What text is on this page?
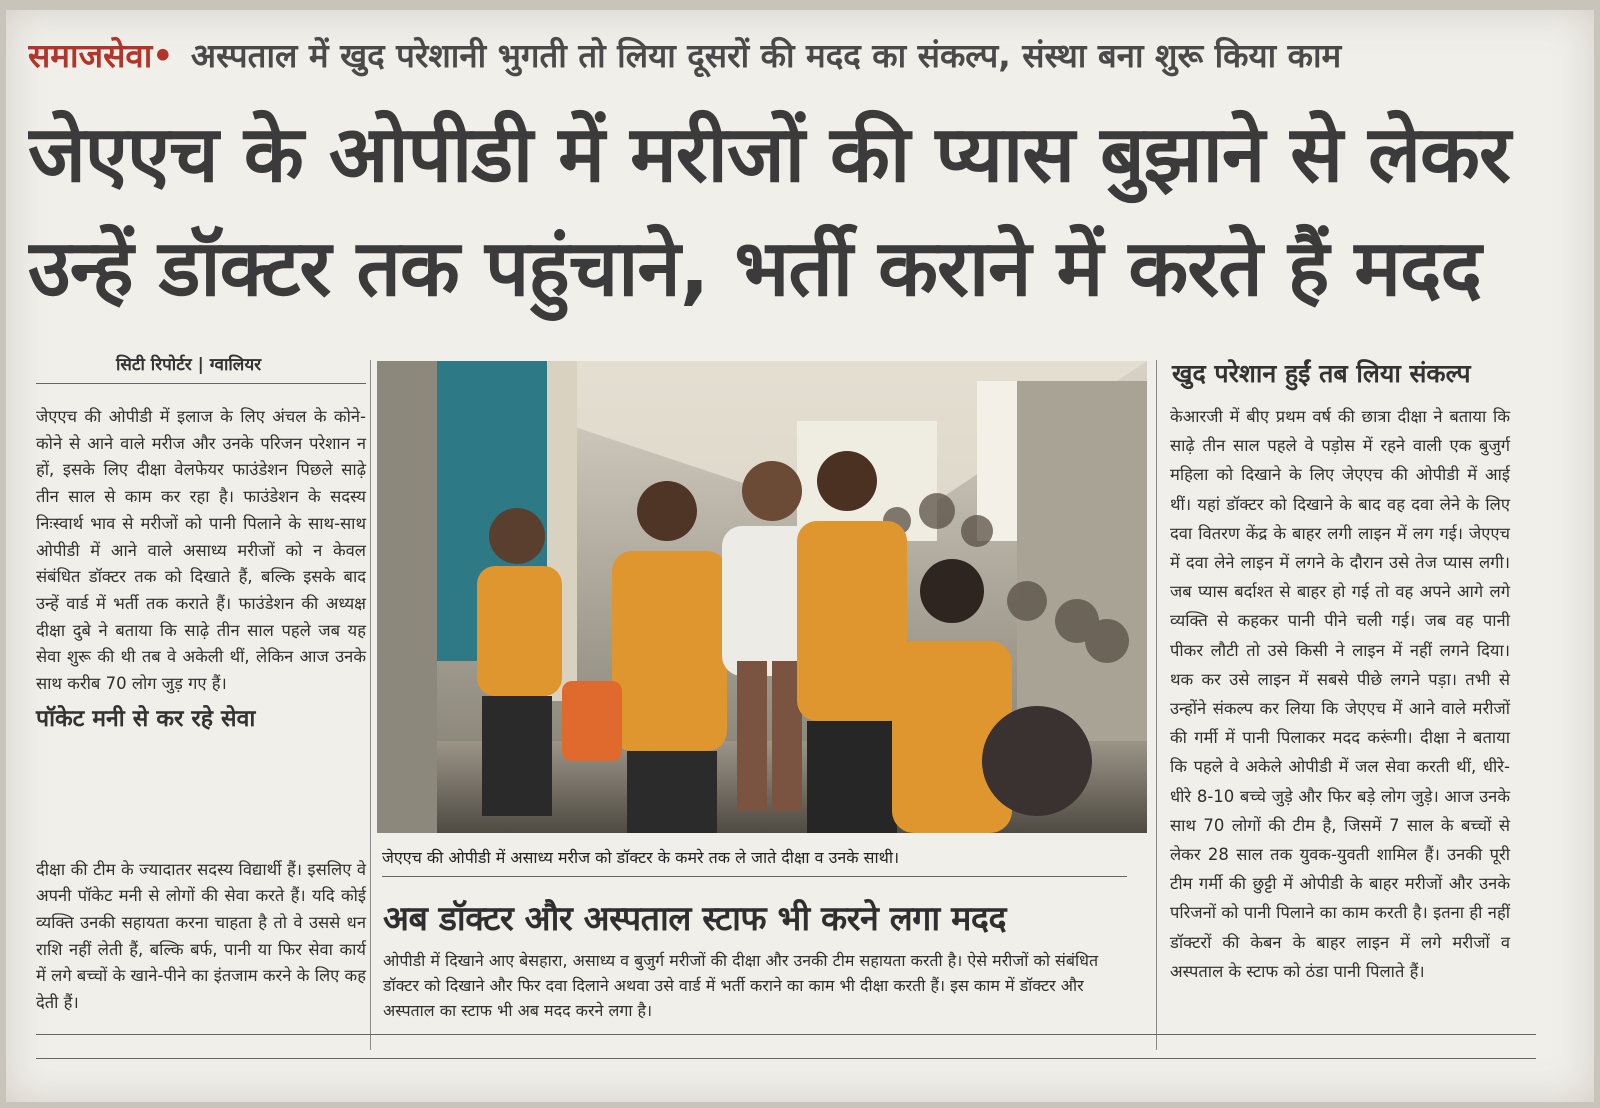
समाजसेवा• अस्पताल में खुद परेशानी भुगती तो लिया दूसरों की मदद का संकल्प, संस्था बना शुरू किया काम
जेएएच के ओपीडी में मरीजों की प्यास बुझाने से लेकर
उन्हें डॉक्टर तक पहुंचाने, भर्ती कराने में करते हैं मदद
सिटी रिपोर्टर | ग्वालियर

जेएएच की ओपीडी में इलाज के लिए अंचल के कोने-कोने से आने वाले मरीज और उनके परिजन परेशान न हों, इसके लिए दीक्षा वेलफेयर फाउंडेशन पिछले साढ़े तीन साल से काम कर रहा है। फाउंडेशन के सदस्य निःस्वार्थ भाव से मरीजों को पानी पिलाने के साथ-साथ ओपीडी में आने वाले असाध्य मरीजों को न केवल संबंधित डॉक्टर तक को दिखाते हैं, बल्कि इसके बाद उन्हें वार्ड में भर्ती तक कराते हैं। फाउंडेशन की अध्यक्ष दीक्षा दुबे ने बताया कि साढ़े तीन साल पहले जब यह सेवा शुरू की थी तब वे अकेली थीं, लेकिन आज उनके साथ करीब 70 लोग जुड़ गए हैं।

पॉकेट मनी से कर रहे सेवा

दीक्षा की टीम के ज्यादातर सदस्य विद्यार्थी हैं। इसलिए वे अपनी पॉकेट मनी से लोगों की सेवा करते हैं। यदि कोई व्यक्ति उनकी सहायता करना चाहता है तो वे उससे धन राशि नहीं लेती हैं, बल्कि बर्फ, पानी या फिर सेवा कार्य में लगे बच्चों के खाने-पीने का इंतजाम करने के लिए कह देती हैं।

जेएएच की ओपीडी में असाध्य मरीज को डॉक्टर के कमरे तक ले जाते दीक्षा व उनके साथी।
अब डॉक्टर और अस्पताल स्टाफ भी करने लगा मदद

ओपीडी में दिखाने आए बेसहारा, असाध्य व बुजुर्ग मरीजों की दीक्षा और उनकी टीम सहायता करती है। ऐसे मरीजों को संबंधित डॉक्टर को दिखाने और फिर दवा दिलाने अथवा उसे वार्ड में भर्ती कराने का काम भी दीक्षा करती हैं। इस काम में डॉक्टर और अस्पताल का स्टाफ भी अब मदद करने लगा है।

खुद परेशान हुईं तब लिया संकल्प

केआरजी में बीए प्रथम वर्ष की छात्रा दीक्षा ने बताया कि साढ़े तीन साल पहले वे पड़ोस में रहने वाली एक बुजुर्ग महिला को दिखाने के लिए जेएएच की ओपीडी में आई थीं। यहां डॉक्टर को दिखाने के बाद वह दवा लेने के लिए दवा वितरण केंद्र के बाहर लगी लाइन में लग गई। जेएएच में दवा लेने लाइन में लगने के दौरान उसे तेज प्यास लगी। जब प्यास बर्दाश्त से बाहर हो गई तो वह अपने आगे लगे व्यक्ति से कहकर पानी पीने चली गई। जब वह पानी पीकर लौटी तो उसे किसी ने लाइन में नहीं लगने दिया। थक कर उसे लाइन में सबसे पीछे लगने पड़ा। तभी से उन्होंने संकल्प कर लिया कि जेएएच में आने वाले मरीजों की गर्मी में पानी पिलाकर मदद करूंगी। दीक्षा ने बताया कि पहले वे अकेले ओपीडी में जल सेवा करती थीं, धीरे-धीरे 8-10 बच्चे जुड़े और फिर बड़े लोग जुड़े। आज उनके साथ 70 लोगों की टीम है, जिसमें 7 साल के बच्चों से लेकर 28 साल तक युवक-युवती शामिल हैं। उनकी पूरी टीम गर्मी की छुट्टी में ओपीडी के बाहर मरीजों और उनके परिजनों को पानी पिलाने का काम करती है। इतना ही नहीं डॉक्टरों की केबन के बाहर लाइन में लगे मरीजों व अस्पताल के स्टाफ को ठंडा पानी पिलाते हैं।
